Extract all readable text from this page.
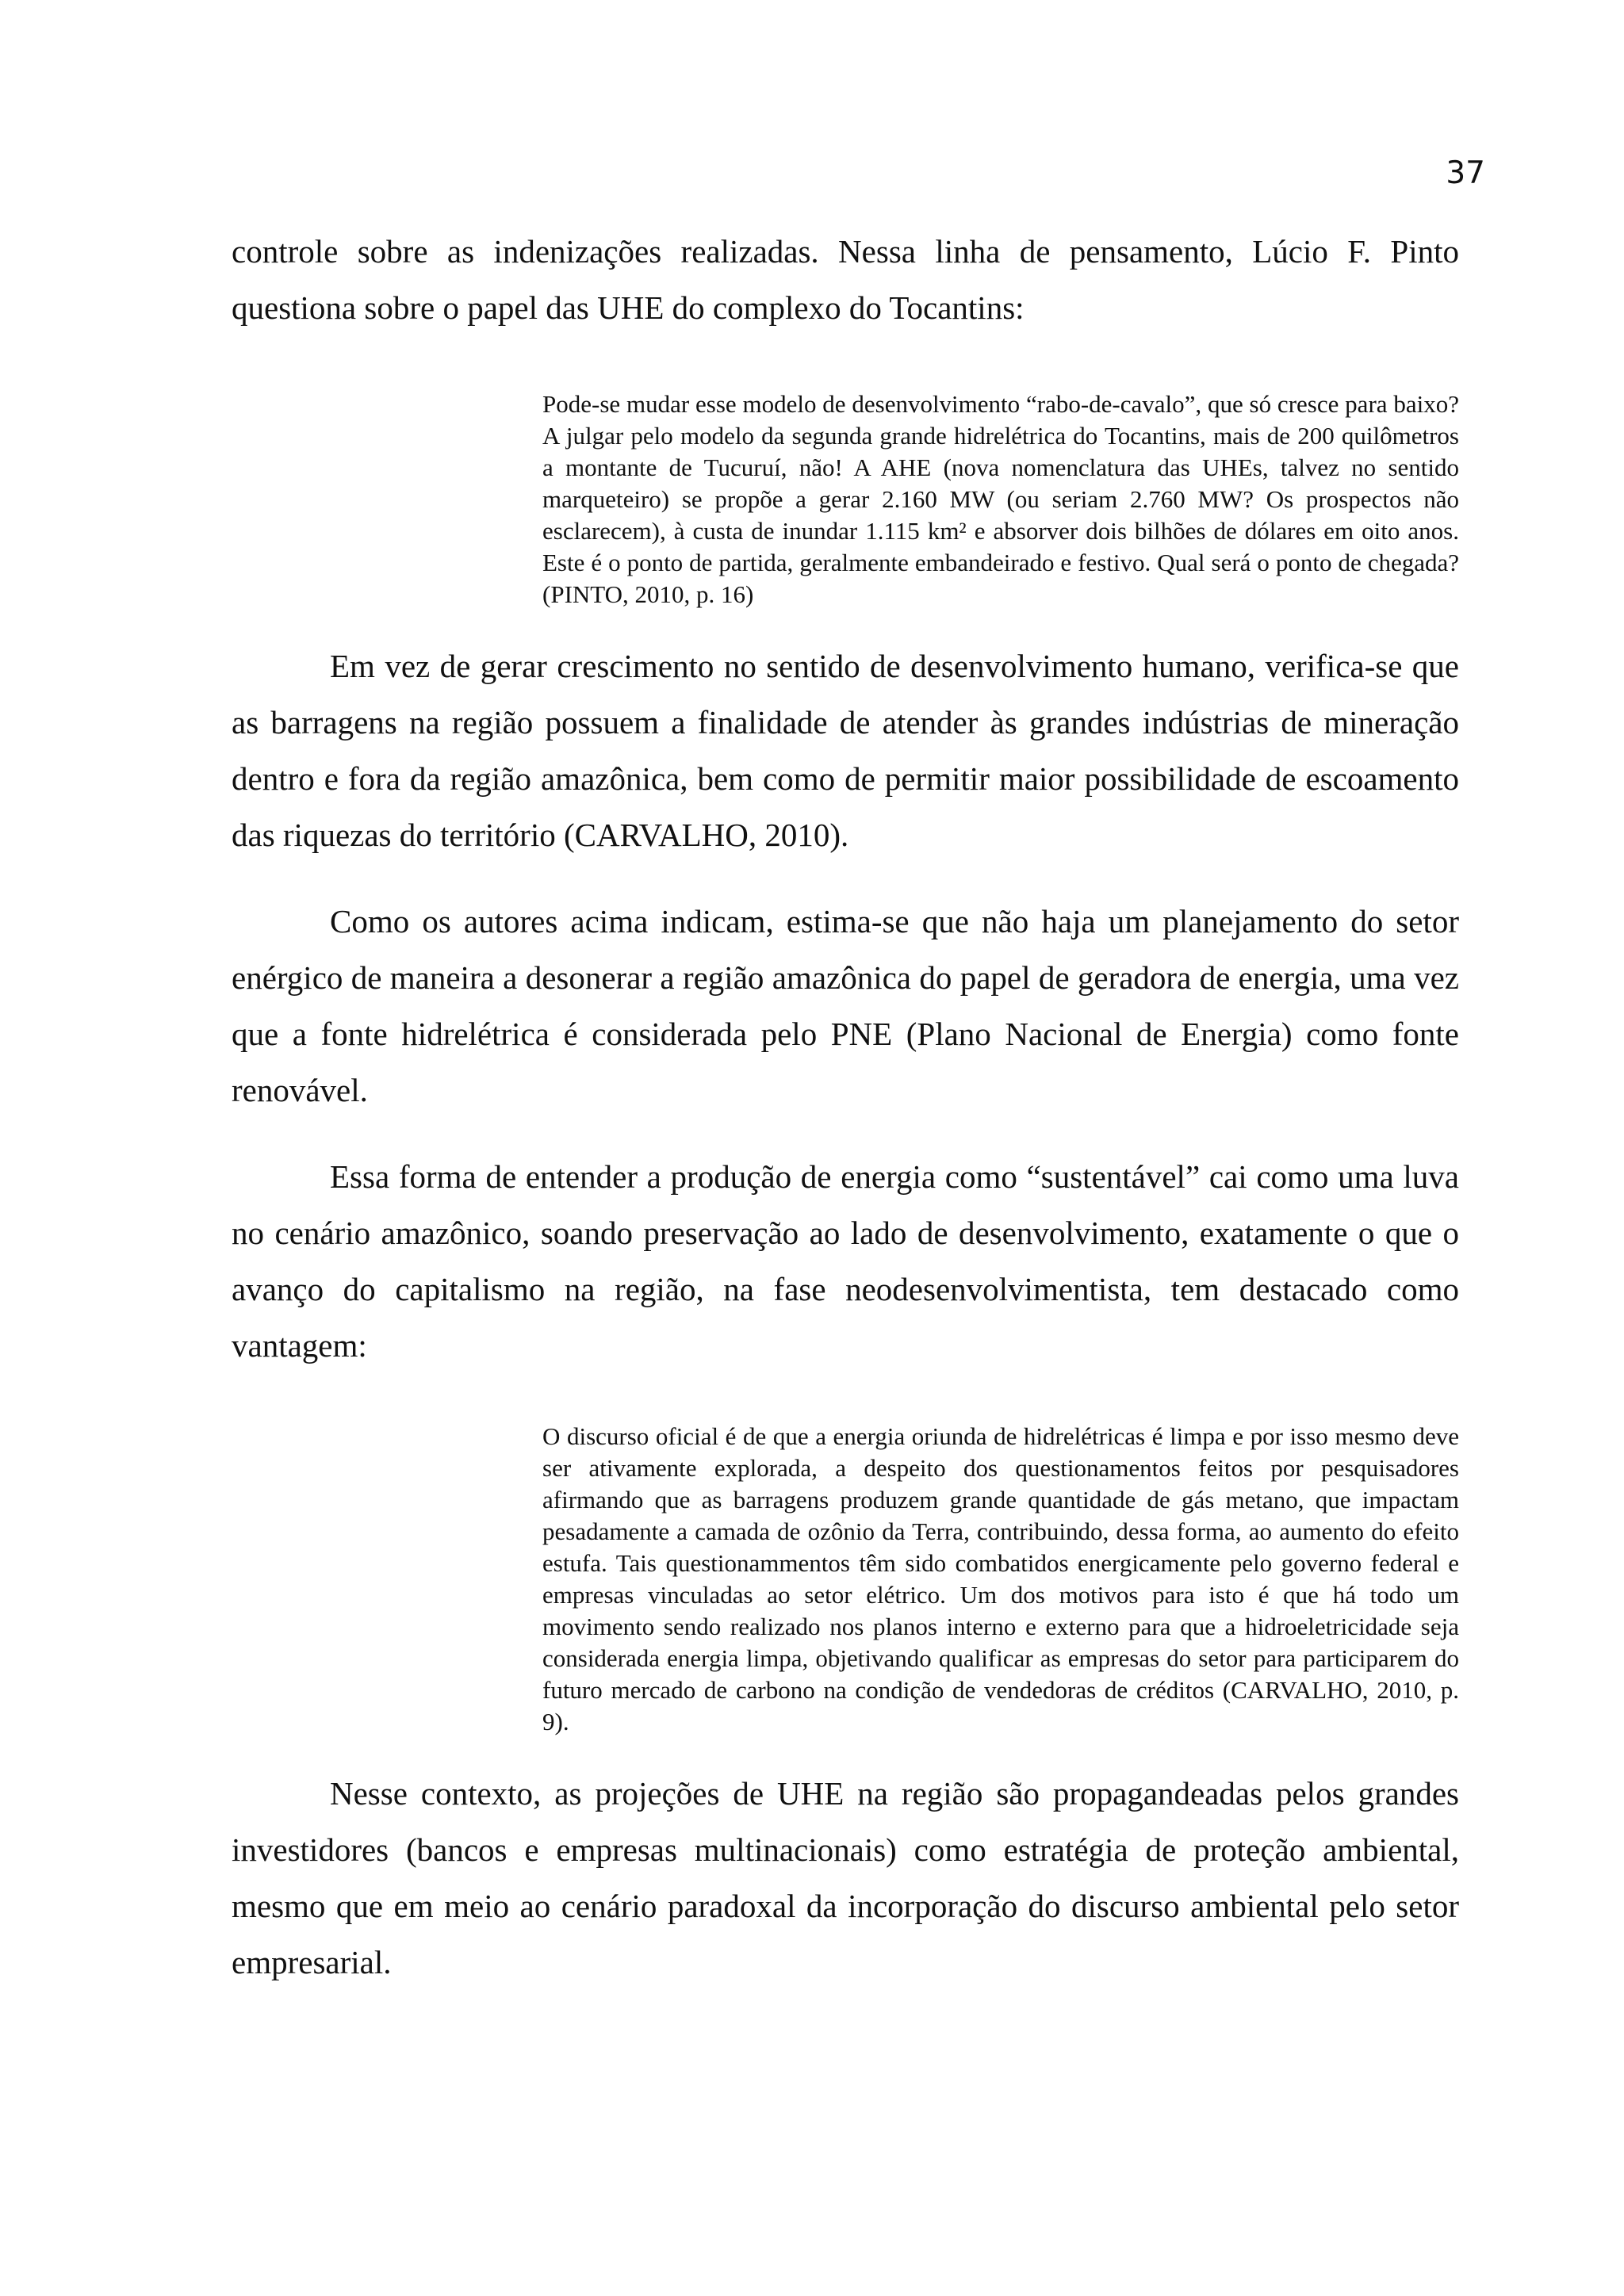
37

controle sobre as indenizações realizadas. Nessa linha de pensamento, Lúcio F. Pinto questiona sobre o papel das UHE do complexo do Tocantins:

Pode-se mudar esse modelo de desenvolvimento “rabo-de-cavalo”, que só cresce para baixo? A julgar pelo modelo da segunda grande hidrelétrica do Tocantins, mais de 200 quilômetros a montante de Tucuruí, não! A AHE (nova nomenclatura das UHEs, talvez no sentido marqueteiro) se propõe a gerar 2.160 MW (ou seriam 2.760 MW? Os prospectos não esclarecem), à custa de inundar 1.115 km² e absorver dois bilhões de dólares em oito anos. Este é o ponto de partida, geralmente embandeirado e festivo. Qual será o ponto de chegada? (PINTO, 2010, p. 16)

Em vez de gerar crescimento no sentido de desenvolvimento humano, verifica-se que as barragens na região possuem a finalidade de atender às grandes indústrias de mineração dentro e fora da região amazônica, bem como de permitir maior possibilidade de escoamento das riquezas do território (CARVALHO, 2010).

Como os autores acima indicam, estima-se que não haja um planejamento do setor enérgico de maneira a desonerar a região amazônica do papel de geradora de energia, uma vez que a fonte hidrelétrica é considerada pelo PNE (Plano Nacional de Energia) como fonte renovável.

Essa forma de entender a produção de energia como “sustentável” cai como uma luva no cenário amazônico, soando preservação ao lado de desenvolvimento, exatamente o que o avanço do capitalismo na região, na fase neodesenvolvimentista, tem destacado como vantagem:

O discurso oficial é de que a energia oriunda de hidrelétricas é limpa e por isso mesmo deve ser ativamente explorada, a despeito dos questionamentos feitos por pesquisadores afirmando que as barragens produzem grande quantidade de gás metano, que impactam pesadamente a camada de ozônio da Terra, contribuindo, dessa forma, ao aumento do efeito estufa. Tais questionammentos têm sido combatidos energicamente pelo governo federal e empresas vinculadas ao setor elétrico. Um dos motivos para isto é que há todo um movimento sendo realizado nos planos interno e externo para que a hidroeletricidade seja considerada energia limpa, objetivando qualificar as empresas do setor para participarem do futuro mercado de carbono na condição de vendedoras de créditos (CARVALHO, 2010, p. 9).

Nesse contexto, as projeções de UHE na região são propagandeadas pelos grandes investidores (bancos e empresas multinacionais) como estratégia de proteção ambiental, mesmo que em meio ao cenário paradoxal da incorporação do discurso ambiental pelo setor empresarial.
